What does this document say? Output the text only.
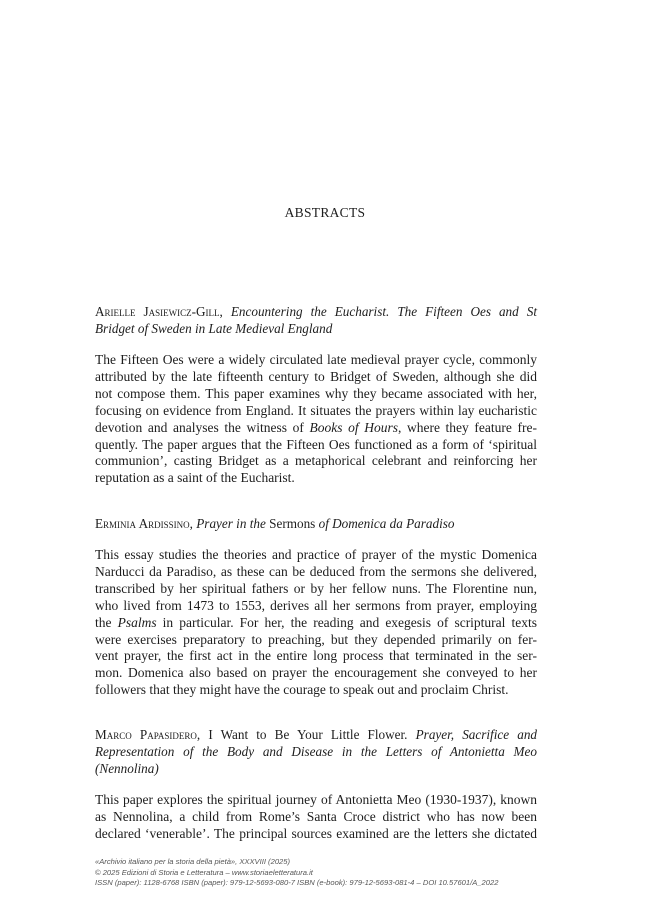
ABSTRACTS

Arielle Jasiewicz-Gill, Encountering the Eucharist. The Fifteen Oes and St
Bridget of Sweden in Late Medieval England

The Fifteen Oes were a widely circulated late medieval prayer cycle, commonly
attributed by the late fifteenth century to Bridget of Sweden, although she did
not compose them. This paper examines why they became associated with her,
focusing on evidence from England. It situates the prayers within lay eucharistic
devotion and analyses the witness of Books of Hours, where they feature fre-
quently. The paper argues that the Fifteen Oes functioned as a form of ‘spiritual
communion’, casting Bridget as a metaphorical celebrant and reinforcing her
reputation as a saint of the Eucharist.

Erminia Ardissino, Prayer in the Sermons of Domenica da Paradiso

This essay studies the theories and practice of prayer of the mystic Domenica
Narducci da Paradiso, as these can be deduced from the sermons she delivered,
transcribed by her spiritual fathers or by her fellow nuns. The Florentine nun,
who lived from 1473 to 1553, derives all her sermons from prayer, employing
the Psalms in particular. For her, the reading and exegesis of scriptural texts
were exercises preparatory to preaching, but they depended primarily on fer-
vent prayer, the first act in the entire long process that terminated in the ser-
mon. Domenica also based on prayer the encouragement she conveyed to her
followers that they might have the courage to speak out and proclaim Christ.

Marco Papasidero, I Want to Be Your Little Flower. Prayer, Sacrifice and
Representation of the Body and Disease in the Letters of Antonietta Meo
(Nennolina)

This paper explores the spiritual journey of Antonietta Meo (1930-1937), known
as Nennolina, a child from Rome’s Santa Croce district who has now been
declared ‘venerable’. The principal sources examined are the letters she dictated

«Archivio italiano per la storia della pietà», XXXVIII (2025)
© 2025 Edizioni di Storia e Letteratura – www.storiaeletteratura.it
ISSN (paper): 1128-6768 ISBN (paper): 979-12-5693-080-7 ISBN (e-book): 979-12-5693-081-4 – DOI 10.57601/A_2022
